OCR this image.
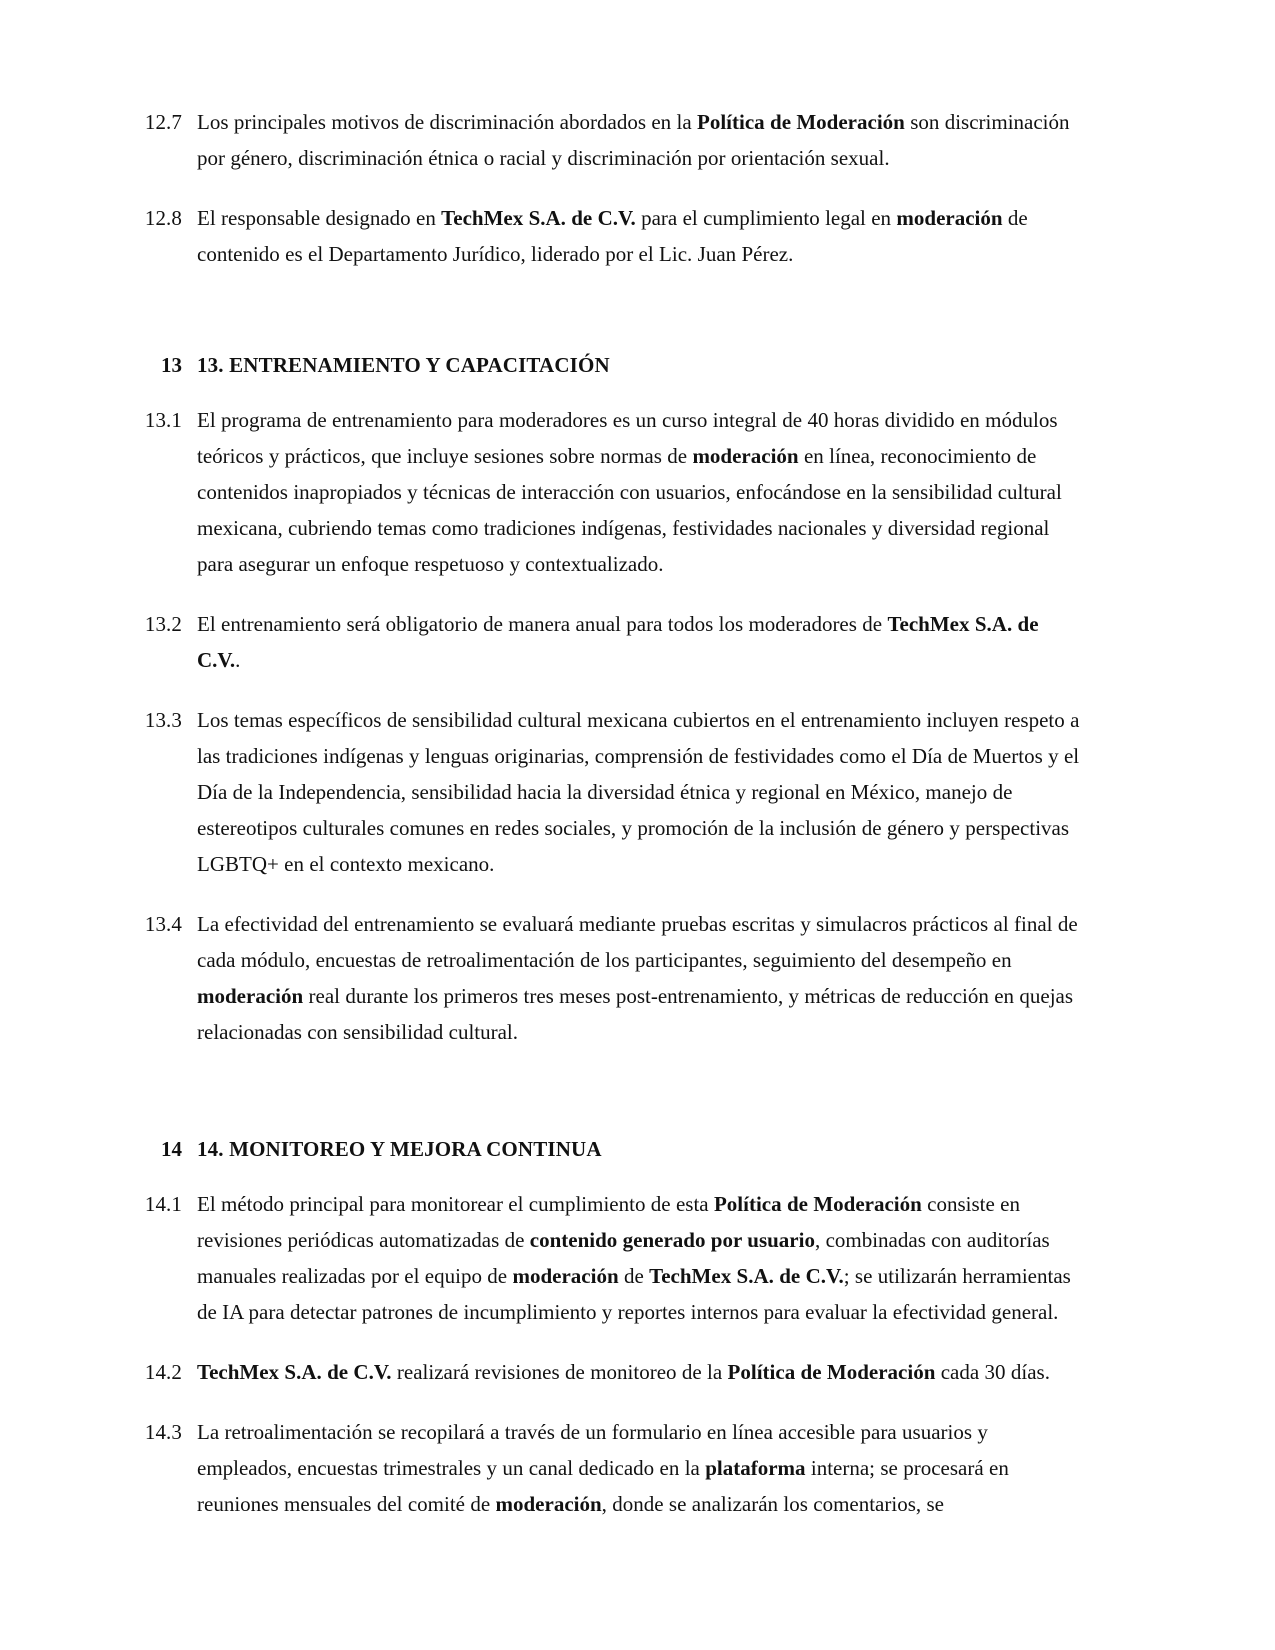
12.7 Los principales motivos de discriminación abordados en la Política de Moderación son discriminación por género, discriminación étnica o racial y discriminación por orientación sexual.
12.8 El responsable designado en TechMex S.A. de C.V. para el cumplimiento legal en moderación de contenido es el Departamento Jurídico, liderado por el Lic. Juan Pérez.
13 13. ENTRENAMIENTO Y CAPACITACIÓN
13.1 El programa de entrenamiento para moderadores es un curso integral de 40 horas dividido en módulos teóricos y prácticos, que incluye sesiones sobre normas de moderación en línea, reconocimiento de contenidos inapropiados y técnicas de interacción con usuarios, enfocándose en la sensibilidad cultural mexicana, cubriendo temas como tradiciones indígenas, festividades nacionales y diversidad regional para asegurar un enfoque respetuoso y contextualizado.
13.2 El entrenamiento será obligatorio de manera anual para todos los moderadores de TechMex S.A. de C.V..
13.3 Los temas específicos de sensibilidad cultural mexicana cubiertos en el entrenamiento incluyen respeto a las tradiciones indígenas y lenguas originarias, comprensión de festividades como el Día de Muertos y el Día de la Independencia, sensibilidad hacia la diversidad étnica y regional en México, manejo de estereotipos culturales comunes en redes sociales, y promoción de la inclusión de género y perspectivas LGBTQ+ en el contexto mexicano.
13.4 La efectividad del entrenamiento se evaluará mediante pruebas escritas y simulacros prácticos al final de cada módulo, encuestas de retroalimentación de los participantes, seguimiento del desempeño en moderación real durante los primeros tres meses post-entrenamiento, y métricas de reducción en quejas relacionadas con sensibilidad cultural.
14 14. MONITOREO Y MEJORA CONTINUA
14.1 El método principal para monitorear el cumplimiento de esta Política de Moderación consiste en revisiones periódicas automatizadas de contenido generado por usuario, combinadas con auditorías manuales realizadas por el equipo de moderación de TechMex S.A. de C.V.; se utilizarán herramientas de IA para detectar patrones de incumplimiento y reportes internos para evaluar la efectividad general.
14.2 TechMex S.A. de C.V. realizará revisiones de monitoreo de la Política de Moderación cada 30 días.
14.3 La retroalimentación se recopilará a través de un formulario en línea accesible para usuarios y empleados, encuestas trimestrales y un canal dedicado en la plataforma interna; se procesará en reuniones mensuales del comité de moderación, donde se analizarán los comentarios, se
